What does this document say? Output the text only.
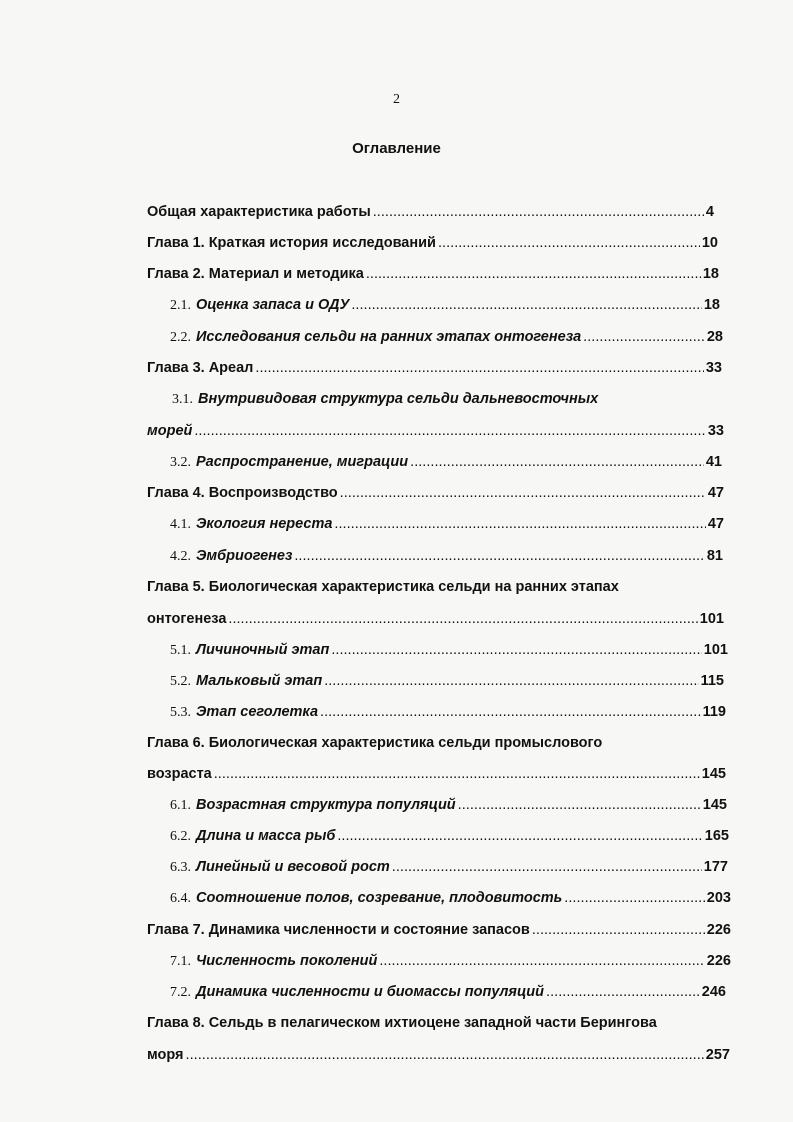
2
Оглавление
Общая характеристика работы . . .	4
Глава 1. Краткая история исследований . . .	10
Глава 2. Материал и методика . . .	18
2.1. Оценка запаса и ОДУ . . .	18
2.2. Исследования сельди на ранних этапах онтогенеза . . .	28
Глава 3. Ареал . . .	33
3.1. Внутривидовая структура сельди дальневосточных
морей . . .	33
3.2. Распространение, миграции . . .	41
Глава 4. Воспроизводство . . .	47
4.1. Экология нереста . . .	47
4.2. Эмбриогенез . . .	81
Глава 5. Биологическая характеристика сельди на ранних этапах
онтогенеза . . .	101
5.1. Личиночный этап . . .	101
5.2. Мальковый этап . . .	115
5.3. Этап сеголетка . . .	119
Глава 6. Биологическая характеристика сельди промыслового
возраста . . .	145
6.1. Возрастная структура популяций . . .	145
6.2. Длина и масса рыб . . .	165
6.3. Линейный и весовой рост . . .	177
6.4. Соотношение полов, созревание, плодовитость . . .	203
Глава 7. Динамика численности и состояние запасов . . .	226
7.1. Численность поколений . . .	226
7.2. Динамика численности и биомассы популяций . . .	246
Глава 8. Сельдь в пелагическом ихтиоцене западной части Берингова
моря . . .	257
